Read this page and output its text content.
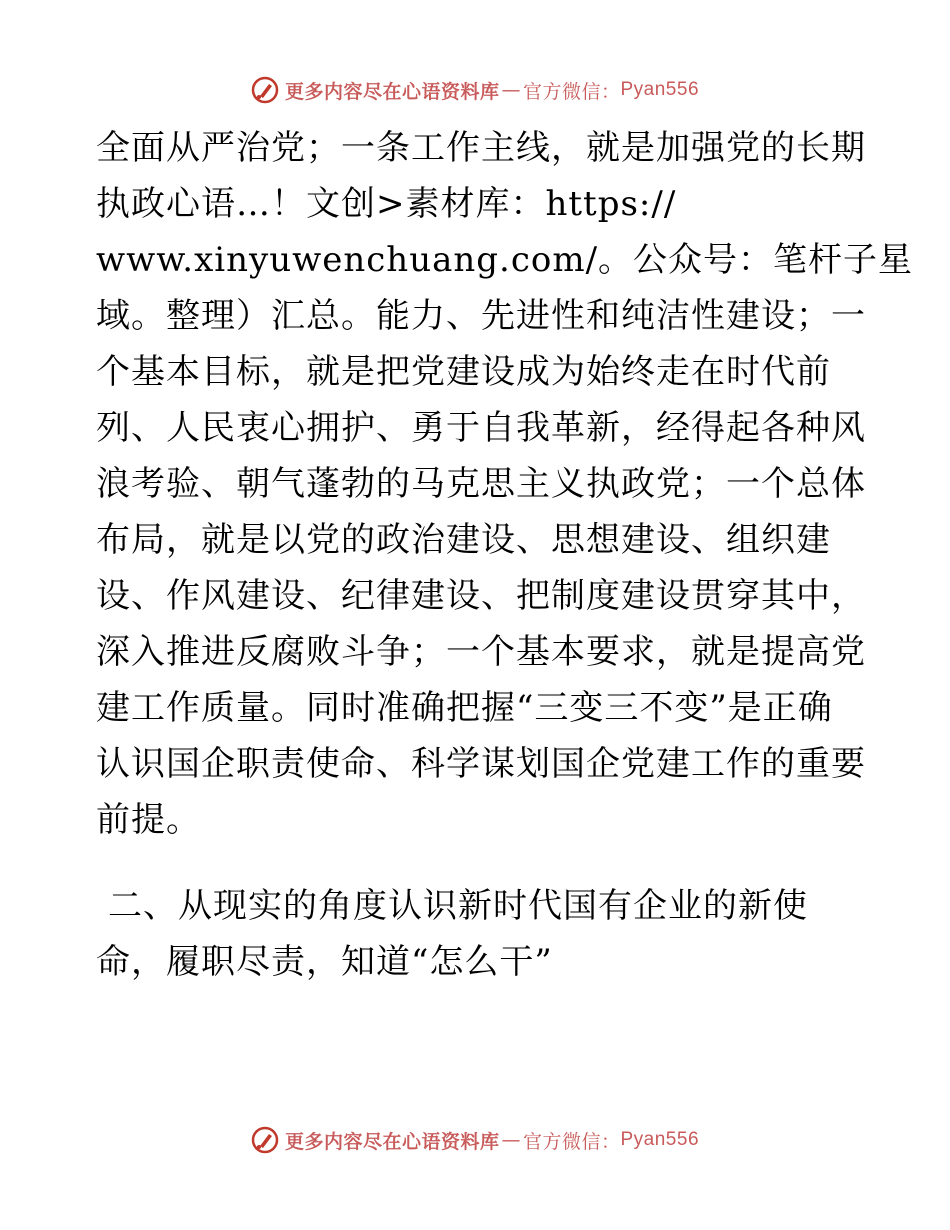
更多内容尽在心语资料库 — 官方微信： Pyan556
全面从严治党；一条工作主线，就是加强党的长期
执政心语…！文创>素材库：https://
www.xinyuwenchuang.com/。公众号：笔杆子星
域。整理）汇总。能力、先进性和纯洁性建设；一
个基本目标，就是把党建设成为始终走在时代前
列、人民衷心拥护、勇于自我革新，经得起各种风
浪考验、朝气蓬勃的马克思主义执政党；一个总体
布局，就是以党的政治建设、思想建设、组织建
设、作风建设、纪律建设、把制度建设贯穿其中，
深入推进反腐败斗争；一个基本要求，就是提高党
建工作质量。同时准确把握“三变三不变”是正确
认识国企职责使命、科学谋划国企党建工作的重要
前提。
二、从现实的角度认识新时代国有企业的新使
命，履职尽责，知道“怎么干”
更多内容尽在心语资料库 — 官方微信： Pyan556
